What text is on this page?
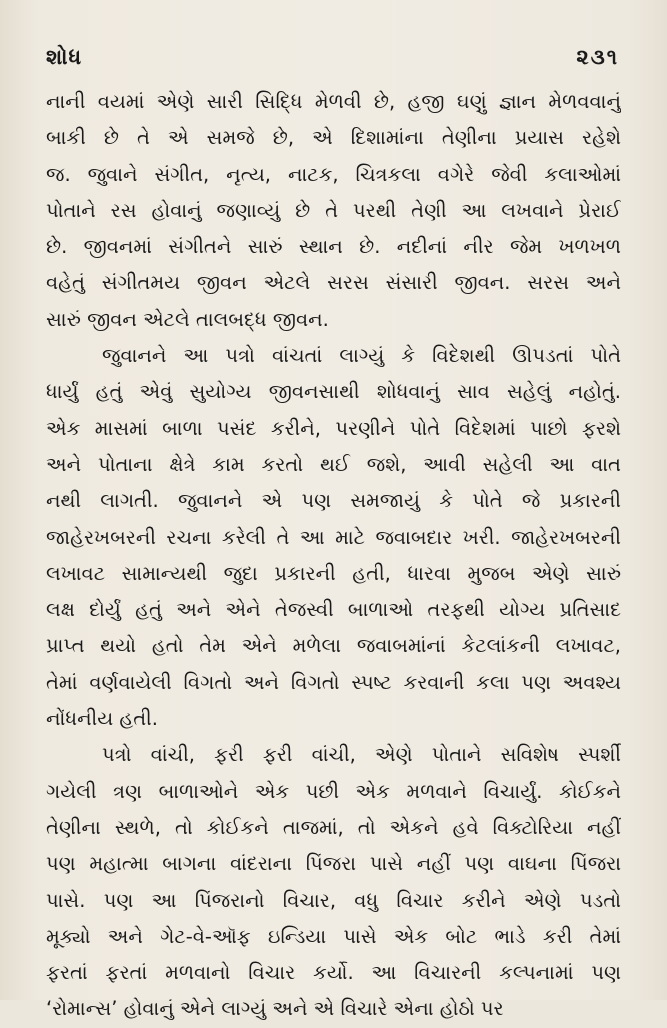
શોધ	૨૩૧
નાની વયમાં એણે સારી સિદ્ધિ મેળવી છે, હજી ઘણું જ્ઞાન મેળવવાનું
બાકી છે તે એ સમજે છે, એ દિશામાંના તેણીના પ્રયાસ રહેશે
જ. જુવાને સંગીત, નૃત્ય, નાટક, ચિત્રકલા વગેરે જેવી કલાઓમાં
પોતાને રસ હોવાનું જણાવ્યું છે તે પરથી તેણી આ લખવાને પ્રેરાઈ
છે. જીવનમાં સંગીતને સારું સ્થાન છે. નદીનાં નીર જેમ ખળખળ
વહેતું સંગીતમય જીવન એટલે સરસ સંસારી જીવન. સરસ અને
સારું જીવન એટલે તાલબદ્ધ જીવન.
જુવાનને આ પત્રો વાંચતાં લાગ્યું કે વિદેશથી ઊપડતાં પોતે
ધાર્યું હતું એવું સુયોગ્ય જીવનસાથી શોધવાનું સાવ સહેલું નહોતું.
એક માસમાં બાળા પસંદ કરીને, પરણીને પોતે વિદેશમાં પાછો ફરશે
અને પોતાના ક્ષેત્રે કામ કરતો થઈ જશે, આવી સહેલી આ વાત
નથી લાગતી. જુવાનને એ પણ સમજાયું કે પોતે જે પ્રકારની
જાહેરખબરની રચના કરેલી તે આ માટે જવાબદાર ખરી. જાહેરખબરની
લખાવટ સામાન્યથી જુદા પ્રકારની હતી, ધારવા મુજબ એણે સારું
લક્ષ દોર્યું હતું અને એને તેજસ્વી બાળાઓ તરફથી યોગ્ય પ્રતિસાદ
પ્રાપ્ત થયો હતો તેમ એને મળેલા જવાબમાંનાં કેટલાંકની લખાવટ,
તેમાં વર્ણવાયેલી વિગતો અને વિગતો સ્પષ્ટ કરવાની કલા પણ અવશ્ય
નોંધનીય હતી.
પત્રો વાંચી, ફરી ફરી વાંચી, એણે પોતાને સવિશેષ સ્પર્શી
ગયેલી ત્રણ બાળાઓને એક પછી એક મળવાને વિચાર્યું. કોઈકને
તેણીના સ્થળે, તો કોઈકને તાજમાં, તો એકને હવે વિક્ટોરિયા નહીં
પણ મહાત્મા બાગના વાંદરાના પિંજરા પાસે નહીં પણ વાઘના પિંજરા
પાસે. પણ આ પિંજરાનો વિચાર, વધુ વિચાર કરીને એણે પડતો
મૂક્યો અને ગેટ-વે-ઑફ ઇન્ડિયા પાસે એક બોટ ભાડે કરી તેમાં
ફરતાં ફરતાં મળવાનો વિચાર કર્યો. આ વિચારની કલ્પનામાં પણ
‘રોમાન્સ’ હોવાનું એને લાગ્યું અને એ વિચારે એના હોઠો પર
